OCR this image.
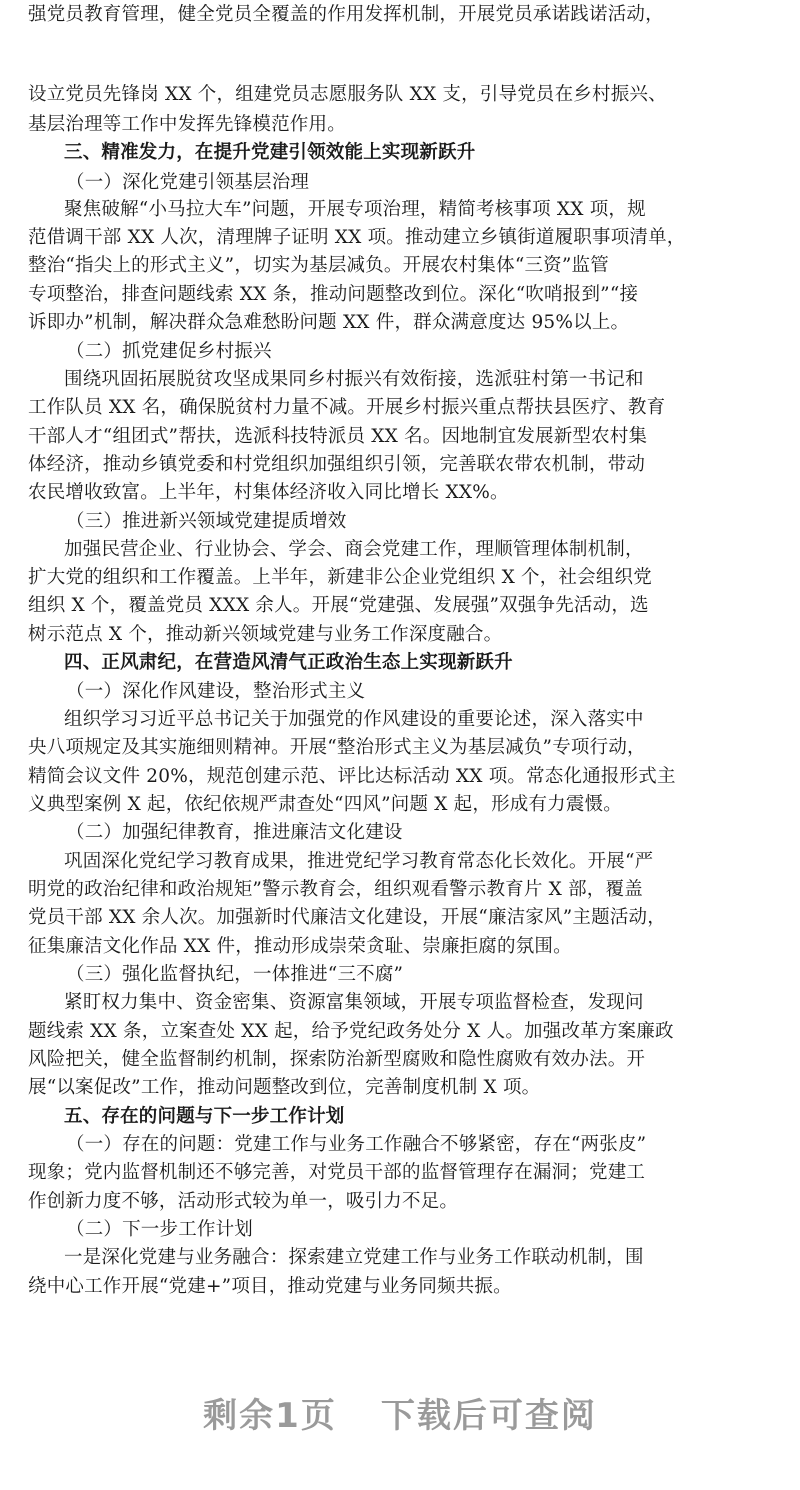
强党员教育管理，健全党员全覆盖的作用发挥机制，开展党员承诺践诺活动，
设立党员先锋岗 XX 个，组建党员志愿服务队 XX 支，引导党员在乡村振兴、
基层治理等工作中发挥先锋模范作用。
三、精准发力，在提升党建引领效能上实现新跃升
（一）深化党建引领基层治理
聚焦破解“小马拉大车”问题，开展专项治理，精简考核事项 XX 项，规
范借调干部 XX 人次，清理牌子证明 XX 项。推动建立乡镇街道履职事项清单，
整治“指尖上的形式主义”，切实为基层减负。开展农村集体“三资”监管
专项整治，排查问题线索 XX 条，推动问题整改到位。深化“吹哨报到”“接
诉即办”机制，解决群众急难愁盼问题 XX 件，群众满意度达 95%以上。
（二）抓党建促乡村振兴
围绕巩固拓展脱贫攻坚成果同乡村振兴有效衔接，选派驻村第一书记和
工作队员 XX 名，确保脱贫村力量不减。开展乡村振兴重点帮扶县医疗、教育
干部人才“组团式”帮扶，选派科技特派员 XX 名。因地制宜发展新型农村集
体经济，推动乡镇党委和村党组织加强组织引领，完善联农带农机制，带动
农民增收致富。上半年，村集体经济收入同比增长 XX%。
（三）推进新兴领域党建提质增效
加强民营企业、行业协会、学会、商会党建工作，理顺管理体制机制，
扩大党的组织和工作覆盖。上半年，新建非公企业党组织 X 个，社会组织党
组织 X 个，覆盖党员 XXX 余人。开展“党建强、发展强”双强争先活动，选
树示范点 X 个，推动新兴领域党建与业务工作深度融合。
四、正风肃纪，在营造风清气正政治生态上实现新跃升
（一）深化作风建设，整治形式主义
组织学习习近平总书记关于加强党的作风建设的重要论述，深入落实中
央八项规定及其实施细则精神。开展“整治形式主义为基层减负”专项行动，
精简会议文件 20%，规范创建示范、评比达标活动 XX 项。常态化通报形式主
义典型案例 X 起，依纪依规严肃查处“四风”问题 X 起，形成有力震慑。
（二）加强纪律教育，推进廉洁文化建设
巩固深化党纪学习教育成果，推进党纪学习教育常态化长效化。开展“严
明党的政治纪律和政治规矩”警示教育会，组织观看警示教育片 X 部，覆盖
党员干部 XX 余人次。加强新时代廉洁文化建设，开展“廉洁家风”主题活动，
征集廉洁文化作品 XX 件，推动形成崇荣贪耻、崇廉拒腐的氛围。
（三）强化监督执纪，一体推进“三不腐”
紧盯权力集中、资金密集、资源富集领域，开展专项监督检查，发现问
题线索 XX 条，立案查处 XX 起，给予党纪政务处分 X 人。加强改革方案廉政
风险把关，健全监督制约机制，探索防治新型腐败和隐性腐败有效办法。开
展“以案促改”工作，推动问题整改到位，完善制度机制 X 项。
五、存在的问题与下一步工作计划
（一）存在的问题：党建工作与业务工作融合不够紧密，存在“两张皮”
现象；党内监督机制还不够完善，对党员干部的监督管理存在漏洞；党建工
作创新力度不够，活动形式较为单一，吸引力不足。
（二）下一步工作计划
一是深化党建与业务融合：探索建立党建工作与业务工作联动机制，围
绕中心工作开展“党建+”项目，推动党建与业务同频共振。
剩余1页 下载后可查阅
